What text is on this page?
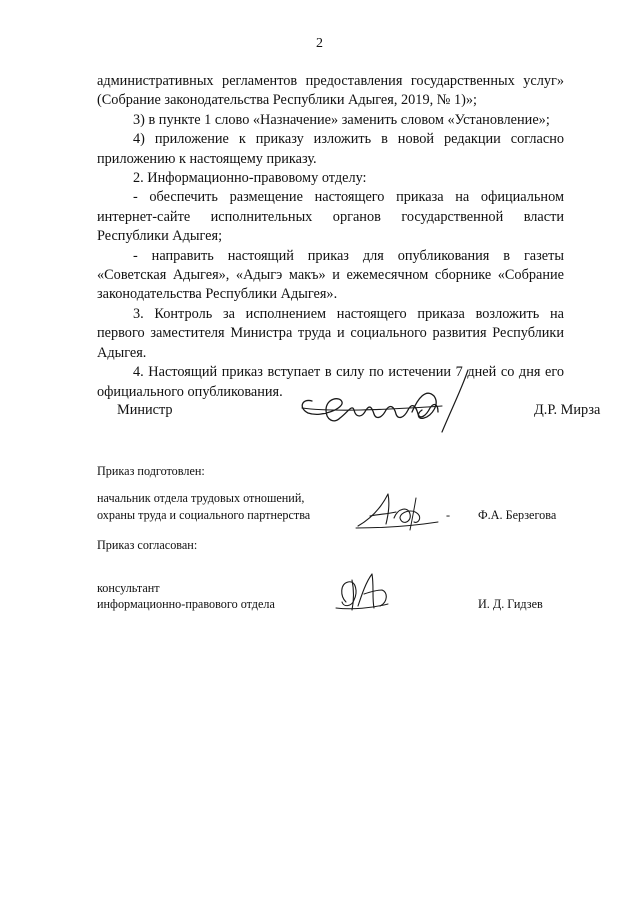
2

административных регламентов предоставления государственных услуг» (Собрание законодательства Республики Адыгея, 2019, № 1)»;

3) в пункте 1 слово «Назначение» заменить словом «Установление»;

4) приложение к приказу изложить в новой редакции согласно приложению к настоящему приказу.

2. Информационно-правовому отделу:

- обеспечить размещение настоящего приказа на официальном интернет-сайте исполнительных органов государственной власти Республики Адыгея;

- направить настоящий приказ для опубликования в газеты «Советская Адыгея», «Адыгэ макъ» и ежемесячном сборнике «Собрание законодательства Республики Адыгея».

3. Контроль за исполнением настоящего приказа возложить на первого заместителя Министра труда и социального развития Республики Адыгея.

4. Настоящий приказ вступает в силу по истечении 7 дней со дня его официального опубликования.

Министр	Д.Р. Мирза
Приказ подготовлен:
начальник отдела трудовых отношений,
охраны труда и социального партнерства	- Ф.А. Берзегова
Приказ согласован:
консультант
информационно-правового отдела	И. Д. Гидзев
